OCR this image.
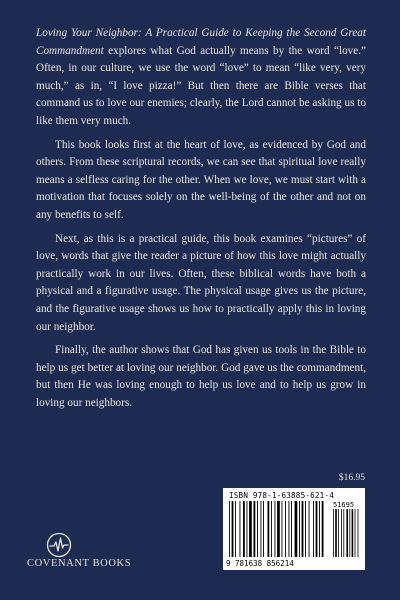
Loving Your Neighbor: A Practical Guide to Keeping the Second Great Commandment explores what God actually means by the word “love.” Often, in our culture, we use the word “love” to mean “like very, very much,” as in, “I love pizza!” But then there are Bible verses that command us to love our enemies; clearly, the Lord cannot be asking us to like them very much.

This book looks first at the heart of love, as evidenced by God and others. From these scriptural records, we can see that spiritual love really means a selfless caring for the other. When we love, we must start with a motivation that focuses solely on the well-being of the other and not on any benefits to self.

Next, as this is a practical guide, this book examines “pictures” of love, words that give the reader a picture of how this love might actually practically work in our lives. Often, these biblical words have both a physical and a figurative usage. The physical usage gives us the picture, and the figurative usage shows us how to practically apply this in loving our neighbor.

Finally, the author shows that God has given us tools in the Bible to help us get better at loving our neighbor. God gave us the commandment, but then He was loving enough to help us love and to help us grow in loving our neighbors.

$16.95
ISBN 978-1-63885-621-4
51695
9 781638 856214
COVENANT BOOKS
